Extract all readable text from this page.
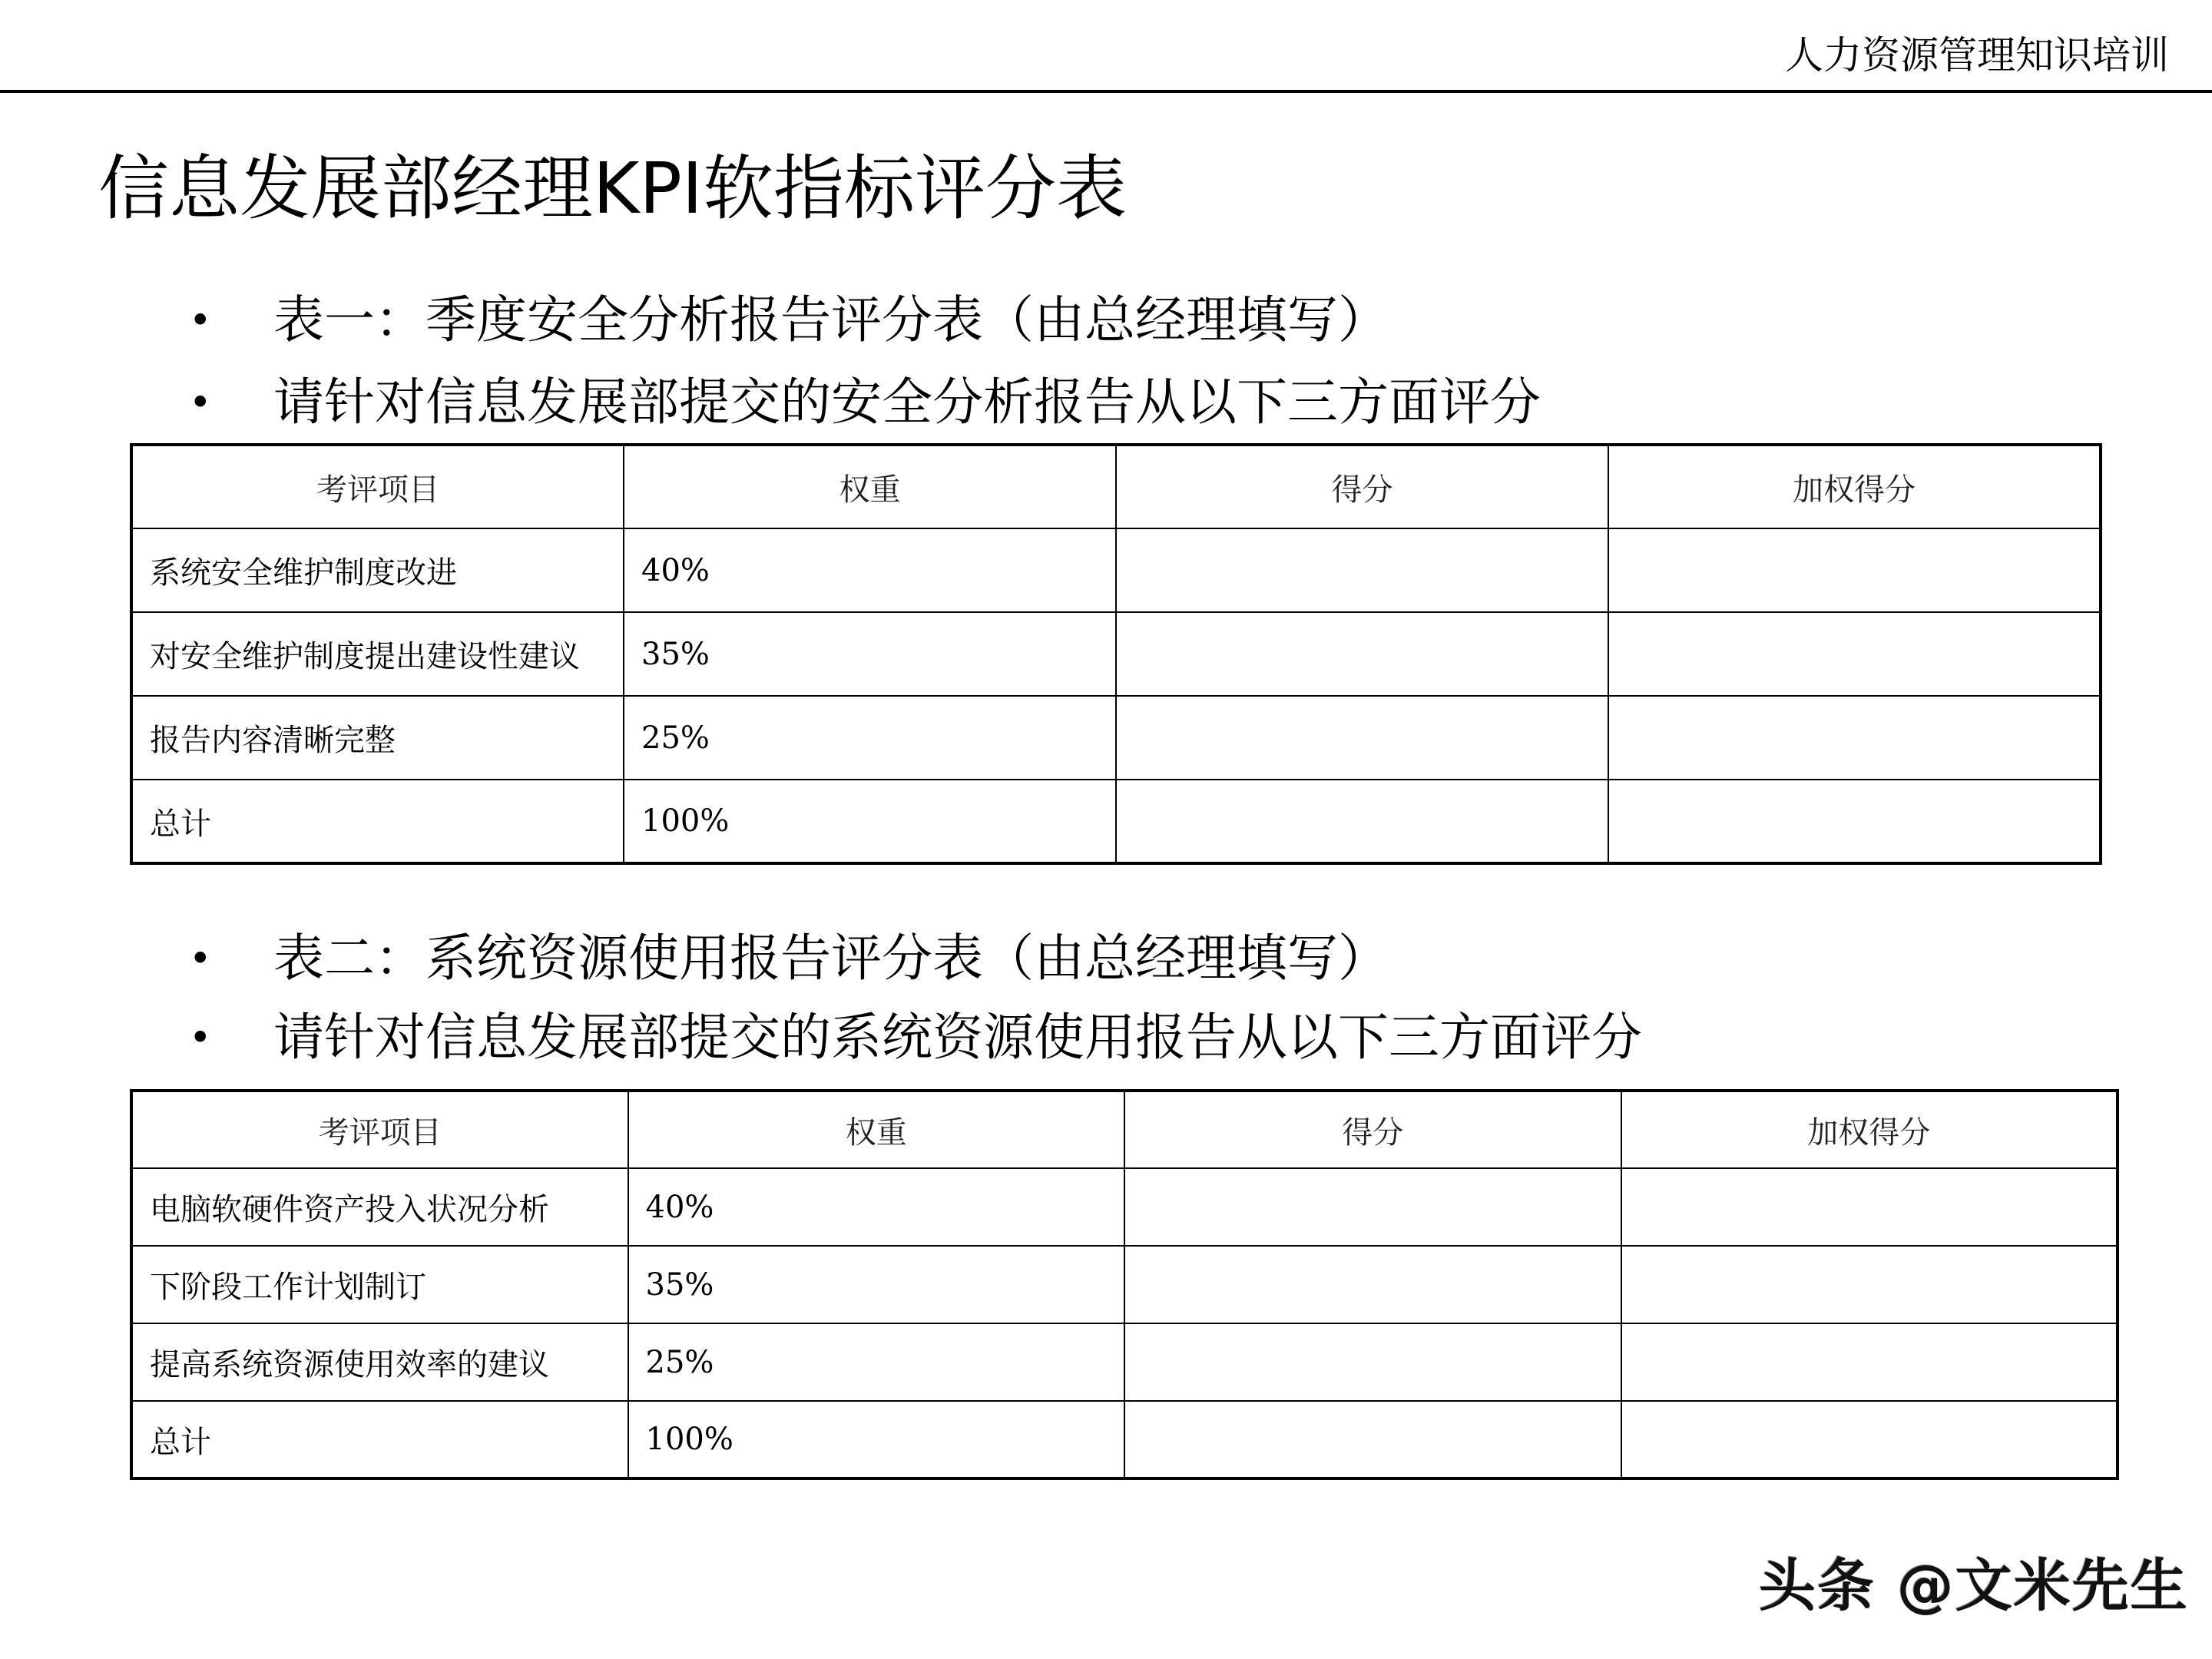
人力资源管理知识培训
信息发展部经理KPI软指标评分表
• 表一：季度安全分析报告评分表（由总经理填写）
• 请针对信息发展部提交的安全分析报告从以下三方面评分
考评项目	权重	得分	加权得分
系统安全维护制度改进	40%		
对安全维护制度提出建设性建议	35%		
报告内容清晰完整	25%		
总计	100%		
• 表二：系统资源使用报告评分表（由总经理填写）
• 请针对信息发展部提交的系统资源使用报告从以下三方面评分
考评项目	权重	得分	加权得分
电脑软硬件资产投入状况分析	40%		
下阶段工作计划制订	35%		
提高系统资源使用效率的建议	25%		
总计	100%		
头条 @文米先生
